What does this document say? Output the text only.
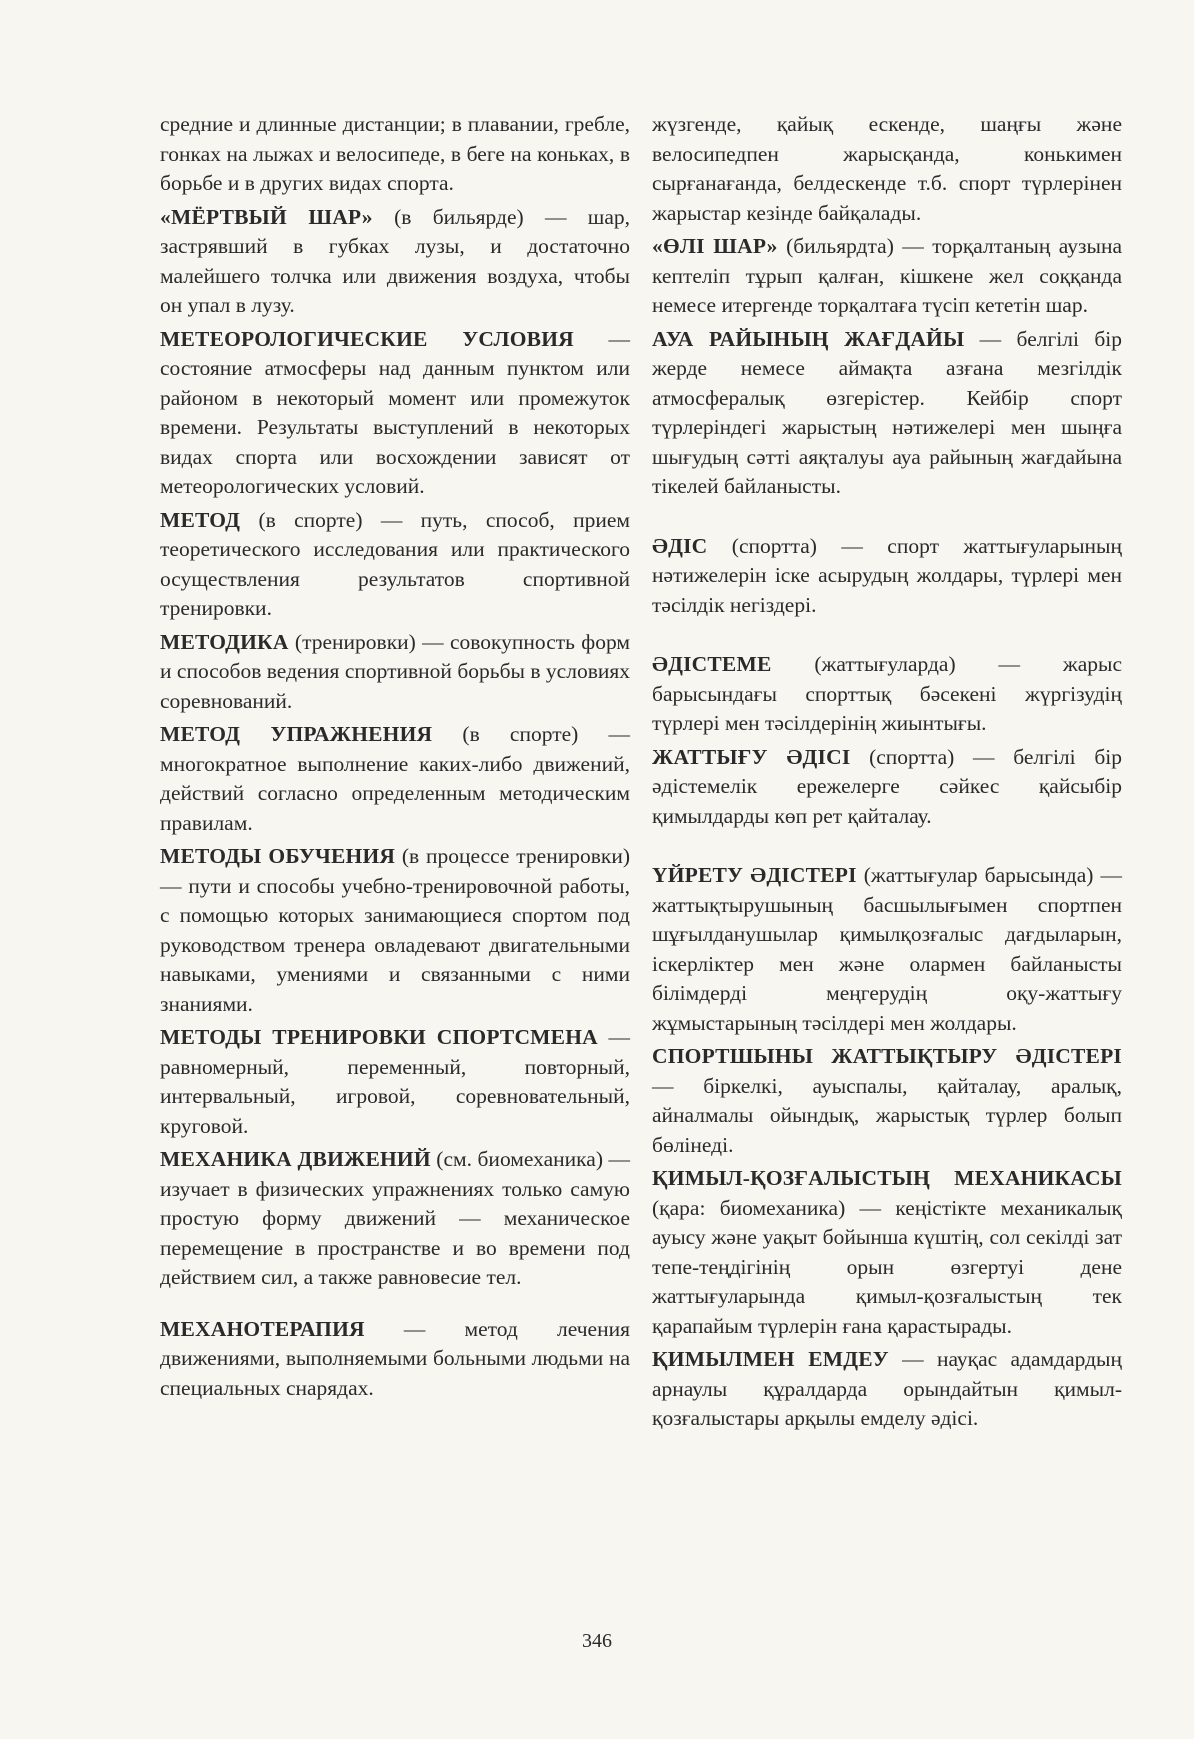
средние и длинные дистанции; в плавании, гребле, гонках на лыжах и велосипеде, в беге на коньках, в борьбе и в других видах спорта.

«МЁРТВЫЙ ШАР» (в бильярде) — шар, застрявший в губках лузы, и достаточно малейшего толчка или движения воздуха, чтобы он упал в лузу.

МЕТЕОРОЛОГИЧЕСКИЕ УСЛОВИЯ — состояние атмосферы над данным пунктом или районом в некоторый момент или промежуток времени. Результаты выступлений в некоторых видах спорта или восхождении зависят от метеорологических условий.

МЕТОД (в спорте) — путь, способ, прием теоретического исследования или практического осуществления результатов спортивной тренировки.

МЕТОДИКА (тренировки) — совокупность форм и способов ведения спортивной борьбы в условиях соревнований.

МЕТОД УПРАЖНЕНИЯ (в спорте) — многократное выполнение каких-либо движений, действий согласно определенным методическим правилам.

МЕТОДЫ ОБУЧЕНИЯ (в процессе тренировки) — пути и способы учебно-тренировочной работы, с помощью которых занимающиеся спортом под руководством тренера овладевают двигательными навыками, умениями и связанными с ними знаниями.

МЕТОДЫ ТРЕНИРОВКИ СПОРТСМЕНА — равномерный, переменный, повторный, интервальный, игровой, соревновательный, круговой.

МЕХАНИКА ДВИЖЕНИЙ (см. биомеханика) — изучает в физических упражнениях только самую простую форму движений — механическое перемещение в пространстве и во времени под действием сил, а также равновесие тел.

МЕХАНОТЕРАПИЯ — метод лечения движениями, выполняемыми больными людьми на специальных снарядах.

жүзгенде, қайық ескенде, шаңғы және велосипедпен жарысқанда, конькимен сырғанағанда, белдескенде т.б. спорт түрлерінен жарыстар кезінде байқалады.

«ӨЛІ ШАР» (бильярдта) — торқалтаның аузына кептеліп тұрып қалған, кішкене жел соққанда немесе итергенде торқалтаға түсіп кететін шар.

АУА РАЙЫНЫҢ ЖАҒДАЙЫ — белгілі бір жерде немесе аймақта азғана мезгілдік атмосфералық өзгерістер. Кейбір спорт түрлеріндегі жарыстың нәтижелері мен шыңға шығудың сәтті аяқталуы ауа райының жағдайына тікелей байланысты.

ӘДІС (спортта) — спорт жаттығуларының нәтижелерін іске асырудың жолдары, түрлері мен тәсілдік негіздері.

ӘДІСТЕМЕ (жаттығуларда) — жарыс барысындағы спорттық бәсекені жүргізудің түрлері мен тәсілдерінің жиынтығы.

ЖАТТЫҒУ ӘДІСІ (спортта) — белгілі бір әдістемелік ережелерге сәйкес қайсыбір қимылдарды көп рет қайталау.

ҮЙРЕТУ ӘДІСТЕРІ (жаттығулар барысында) — жаттықтырушының басшылығымен спортпен шұғылданушылар қимылқозғалыс дағдыларын, іскерліктер мен және олармен байланысты білімдерді меңгерудің оқу-жаттығу жұмыстарының тәсілдері мен жолдары.

СПОРТШЫНЫ ЖАТТЫҚТЫРУ ӘДІСТЕРІ — біркелкі, ауыспалы, қайталау, аралық, айналмалы ойындық, жарыстық түрлер болып бөлінеді.

ҚИМЫЛ-ҚОЗҒАЛЫСТЫҢ МЕХАНИКАСЫ (қара: биомеханика) — кеңістікте механикалық ауысу және уақыт бойынша күштің, сол секілді зат тепе-теңдігінің орын өзгертуі дене жаттығуларында қимыл-қозғалыстың тек қарапайым түрлерін ғана қарастырады.

ҚИМЫЛМЕН ЕМДЕУ — науқас адамдардың арнаулы құралдарда орындайтын қимыл-қозғалыстары арқылы емделу әдісі.

346
